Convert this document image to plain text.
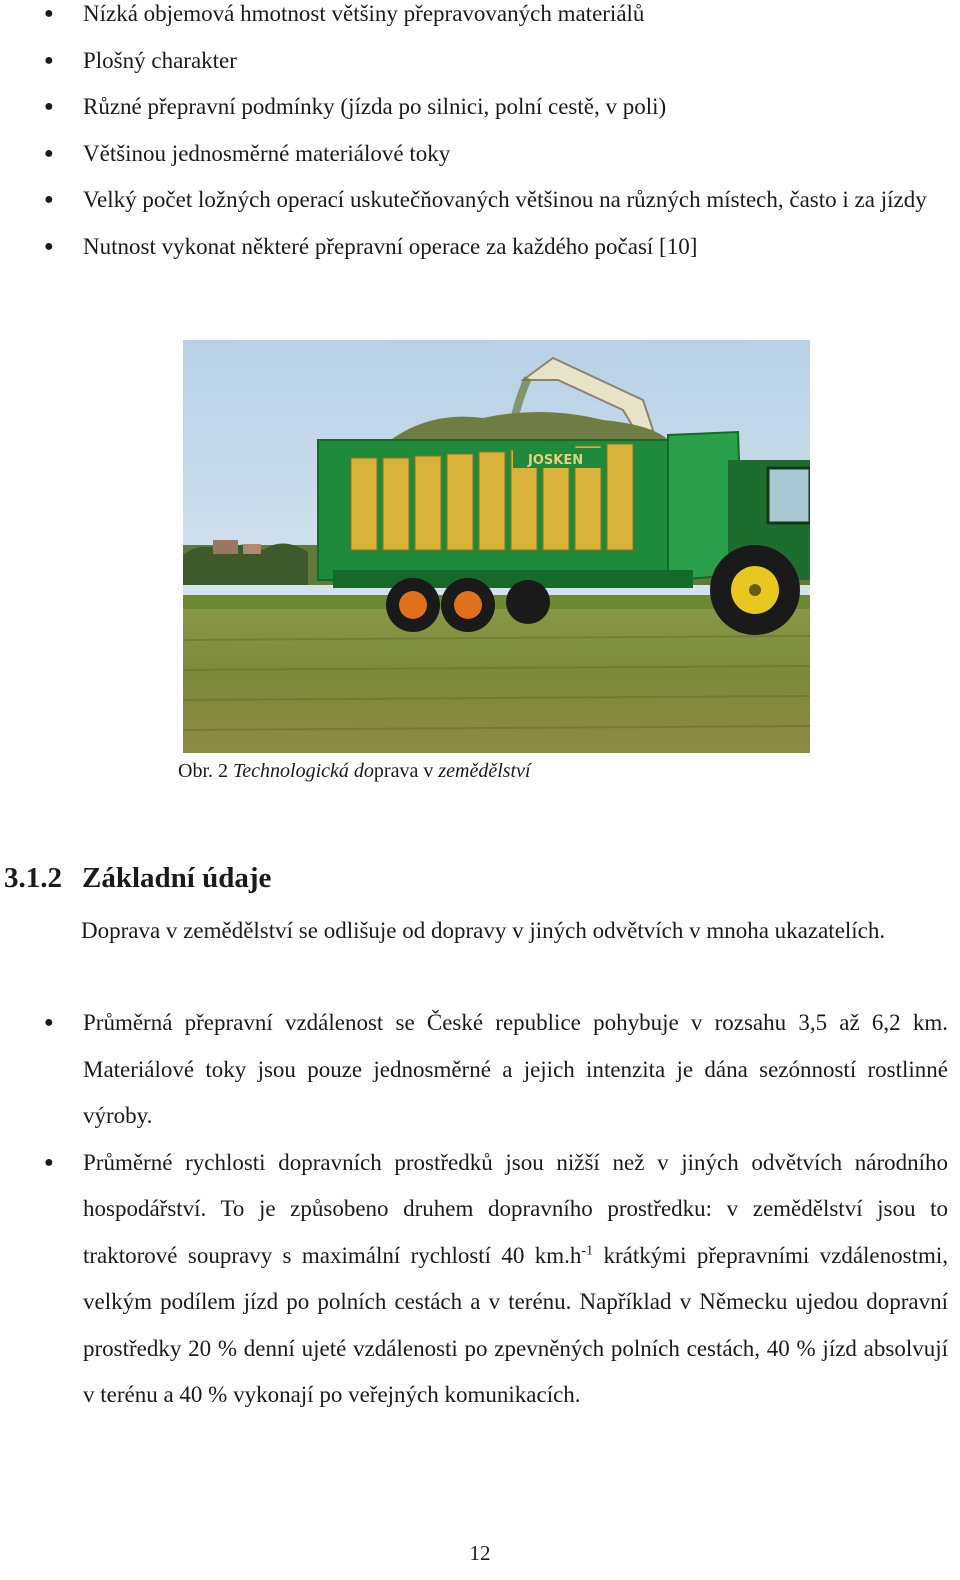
● Nízká objemová hmotnost většiny přepravovaných materiálů
● Plošný charakter
● Různé přepravní podmínky (jízda po silnici, polní cestě, v poli)
● Většinou jednosměrné materiálové toky
● Velký počet ložných operací uskutečňovaných většinou na různých místech, často i za jízdy
● Nutnost vykonat některé přepravní operace za každého počasí [10]
JOSKEN
Obr. 2 Technologická doprava v zemědělství
3.1.2 Základní údaje

Doprava v zemědělství se odlišuje od dopravy v jiných odvětvích v mnoha ukazatelích.

● Průměrná přepravní vzdálenost se České republice pohybuje v rozsahu 3,5 až 6,2 km. Materiálové toky jsou pouze jednosměrné a jejich intenzita je dána sezónností rostlinné výroby.
● Průměrné rychlosti dopravních prostředků jsou nižší než v jiných odvětvích národního hospodářství. To je způsobeno druhem dopravního prostředku: v zemědělství jsou to traktorové soupravy s maximální rychlostí 40 $km.h^{-1}$ krátkými přepravními vzdálenostmi, velkým podílem jízd po polních cestách a v terénu. Například v Německu ujedou dopravní prostředky 20 % denní ujeté vzdálenosti po zpevněných polních cestách, 40 % jízd absolvují v terénu a 40 % vykonají po veřejných komunikacích.
12
